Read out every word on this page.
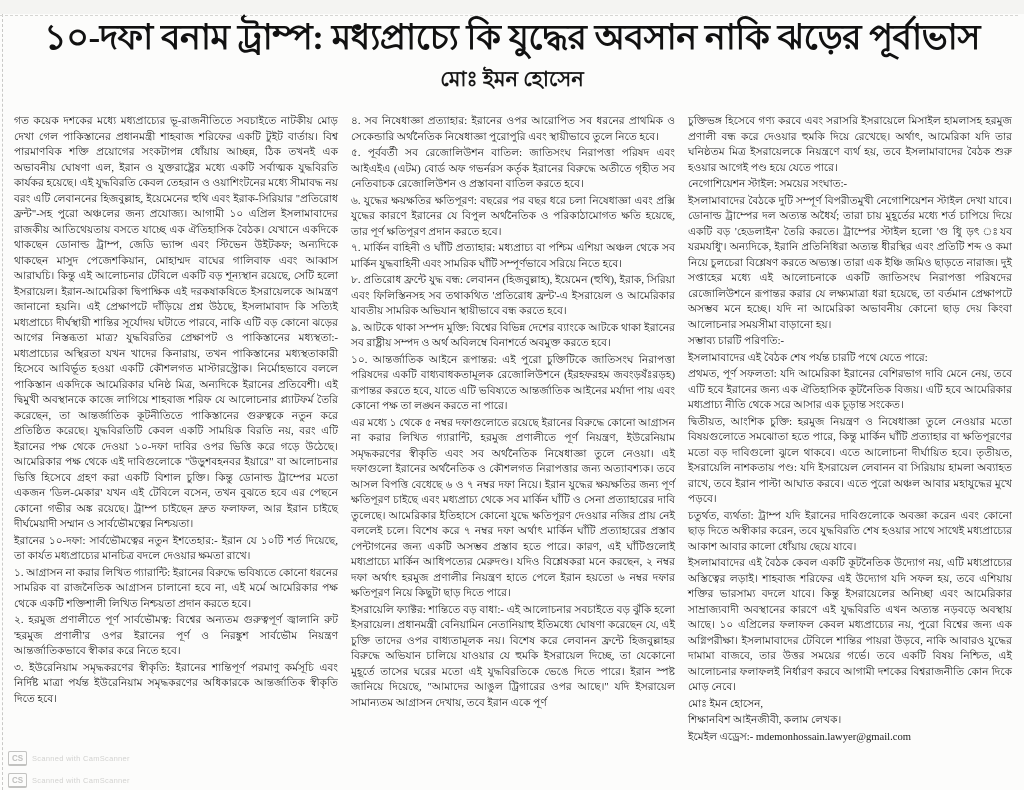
১০-দফা বনাম ট্রাম্প: মধ্যপ্রাচ্যে কি যুদ্ধের অবসান নাকি ঝড়ের পূর্বাভাস
মোঃ ইমন হোসেন

গত কয়েক দশকের মধ্যে মধ্যপ্রাচ্যের ভূ-রাজনীতিতে সবচাইতে নাটকীয় মোড় দেখা গেল পাকিস্তানের প্রধানমন্ত্রী শাহবাজ শরিফের একটি টুইট বার্তায়। বিশ্ব পারমাণবিক শক্তি প্রয়োগের সংকটাপন্ন ধোঁয়ায় আচ্ছন্ন, ঠিক তখনই এক অভাবনীয় ঘোষণা এল, ইরান ও যুক্তরাষ্ট্রের মধ্যে একটি সর্বাত্মক যুদ্ধবিরতি কার্যকর হয়েছে। এই যুদ্ধবিরতি কেবল তেহরান ও ওয়াশিংটনের মধ্যে সীমাবদ্ধ নয় বরং এটি লেবাননের হিজবুল্লাহ, ইয়েমেনের হুথি এবং ইরাক-সিরিয়ার "প্রতিরোধ ফ্রন্ট"-সহ পুরো অঞ্চলের জন্য প্রযোজ্য। আগামী ১০ এপ্রিল ইসলামাবাদের রাজকীয় আতিথেয়তায় বসতে যাচ্ছে এক ঐতিহাসিক বৈঠক। যেখানে একদিকে থাকছেন ডোনাল্ড ট্রাম্প, জেডি ভ্যান্স এবং স্টিভেন উইটকফ; অন্যদিকে থাকছেন মাসুদ পেজেশকিয়ান, মোহাম্মদ বাঘের গালিবাফ এবং আব্বাস আরাঘচি। কিন্তু এই আলোচনার টেবিলে একটি বড় শূন্যস্থান রয়েছে, সেটি হলো ইসরায়েল। ইরান-আমেরিকা দ্বিপাক্ষিক এই দরকষাকষিতে ইসরায়েলকে আমন্ত্রণ জানানো হয়নি। এই প্রেক্ষাপটে দাঁড়িয়ে প্রশ্ন উঠছে, ইসলামাবাদ কি সত্যিই মধ্যপ্রাচ্যে দীর্ঘস্থায়ী শান্তির সূর্যোদয় ঘটাতে পারবে, নাকি এটি বড় কোনো ঝড়ের আগের নিস্তব্ধতা মাত্র? যুদ্ধবিরতির প্রেক্ষাপট ও পাকিস্তানের মধ্যস্থতা:- মধ্যপ্রাচ্যের অস্থিরতা যখন খাদের কিনারায়, তখন পাকিস্তানের মধ্যস্থতাকারী হিসেবে আবির্ভূত হওয়া একটি কৌশলগত মাস্টারস্ট্রোক। নির্মোহভাবে বললে পাকিস্তান একদিকে আমেরিকার ঘনিষ্ঠ মিত্র, অন্যদিকে ইরানের প্রতিবেশী। এই দ্বিমুখী অবস্থানকে কাজে লাগিয়ে শাহবাজ শরিফ যে আলোচনার প্ল্যাটফর্ম তৈরি করেছেন, তা আন্তর্জাতিক কূটনীতিতে পাকিস্তানের গুরুত্বকে নতুন করে প্রতিষ্ঠিত করেছে। যুদ্ধবিরতিটি কেবল একটি সাময়িক বিরতি নয়, বরং এটি ইরানের পক্ষ থেকে দেওয়া ১০-দফা দাবির ওপর ভিত্তি করে গড়ে উঠেছে। আমেরিকার পক্ষ থেকে এই দাবিগুলোকে "উড়ুশবহনবর ইয়ারে" বা আলোচনার ভিত্তি হিসেবে গ্রহণ করা একটি বিশাল চুক্তি। কিন্তু ডোনাল্ড ট্রাম্পের মতো একজন 'ডিল-মেকার' যখন এই টেবিলে বসেন, তখন বুঝতে হবে এর পেছনে কোনো গভীর অঙ্ক রয়েছে। ট্রাম্প চাইছেন দ্রুত ফলাফল, আর ইরান চাইছে দীর্ঘমেয়াদী সম্মান ও সার্বভৌমত্বের নিশ্চয়তা।

ইরানের ১০-দফা: সার্বভৌমত্বের নতুন ইশতেহার:- ইরান যে ১০টি শর্ত দিয়েছে, তা কার্যত মধ্যপ্রাচ্যের মানচিত্র বদলে দেওয়ার ক্ষমতা রাখে।

১. আগ্রাসন না করার লিখিত গ্যারান্টি: ইরানের বিরুদ্ধে ভবিষ্যতে কোনো ধরনের সামরিক বা রাজনৈতিক আগ্রাসন চালানো হবে না, এই মর্মে আমেরিকার পক্ষ থেকে একটি শক্তিশালী লিখিত নিশ্চয়তা প্রদান করতে হবে।

২. হরমুজ প্রণালীতে পূর্ণ সার্বভৌমত্ব: বিশ্বের অন্যতম গুরুত্বপূর্ণ জ্বালানি রুট 'হরমুজ প্রণালী'র ওপর ইরানের পূর্ণ ও নিরঙ্কুশ সার্বভৌম নিয়ন্ত্রণ আন্তর্জাতিকভাবে স্বীকার করে নিতে হবে।

৩. ইউরেনিয়াম সমৃদ্ধকরণের স্বীকৃতি: ইরানের শান্তিপূর্ণ পরমাণু কর্মসূচি এবং নির্দিষ্ট মাত্রা পর্যন্ত ইউরেনিয়াম সমৃদ্ধকরণের অধিকারকে আন্তর্জাতিক স্বীকৃতি দিতে হবে।

৪. সব নিষেধাজ্ঞা প্রত্যাহার: ইরানের ওপর আরোপিত সব ধরনের প্রাথমিক ও সেকেন্ডারি অর্থনৈতিক নিষেধাজ্ঞা পুরোপুরি এবং স্থায়ীভাবে তুলে নিতে হবে।

৫. পূর্ববর্তী সব রেজোলিউশন বাতিল: জাতিসংঘ নিরাপত্তা পরিষদ এবং আইএইএ (এটম) বোর্ড অফ গভর্নরস কর্তৃক ইরানের বিরুদ্ধে অতীতে গৃহীত সব নেতিবাচক রেজোলিউশন ও প্রস্তাবনা বাতিল করতে হবে।

৬. যুদ্ধের ক্ষয়ক্ষতির ক্ষতিপূরণ: বছরের পর বছর ধরে চলা নিষেধাজ্ঞা এবং প্রক্সি যুদ্ধের কারণে ইরানের যে বিপুল অর্থনৈতিক ও পরিকাঠামোগত ক্ষতি হয়েছে, তার পূর্ণ ক্ষতিপূরণ প্রদান করতে হবে।

৭. মার্কিন বাহিনী ও ঘাঁটি প্রত্যাহার: মধ্যপ্রাচ্য বা পশ্চিম এশিয়া অঞ্চল থেকে সব মার্কিন যুদ্ধবাহিনী এবং সামরিক ঘাঁটি সম্পূর্ণভাবে সরিয়ে নিতে হবে।

৮. প্রতিরোধ ফ্রন্টে যুদ্ধ বন্ধ: লেবানন (হিজবুল্লাহ), ইয়েমেন (হুথি), ইরাক, সিরিয়া এবং ফিলিস্তিনসহ সব তথাকথিত 'প্রতিরোধ ফ্রন্ট'-এ ইসরায়েল ও আমেরিকার যাবতীয় সামরিক অভিযান স্থায়ীভাবে বন্ধ করতে হবে।

৯. আটকে থাকা সম্পদ মুক্তি: বিশ্বের বিভিন্ন দেশের ব্যাংকে আটকে থাকা ইরানের সব রাষ্ট্রীয় সম্পদ ও অর্থ অবিলম্বে বিনাশর্তে অবমুক্ত করতে হবে।

১০. আন্তর্জাতিক আইনে রূপান্তর: এই পুরো চুক্তিটিকে জাতিসংঘ নিরাপত্তা পরিষদের একটি বাধ্যবাধকতামূলক রেজোলিউশনে (ইরহফরহম জবংড়ষঁঃরড়হ) রূপান্তর করতে হবে, যাতে এটি ভবিষ্যতে আন্তর্জাতিক আইনের মর্যাদা পায় এবং কোনো পক্ষ তা লঙ্ঘন করতে না পারে।

এর মধ্যে ১ থেকে ৫ নম্বর দফাগুলোতে রয়েছে ইরানের বিরুদ্ধে কোনো আগ্রাসন না করার লিখিত গ্যারান্টি, হরমুজ প্রণালীতে পূর্ণ নিয়ন্ত্রণ, ইউরেনিয়াম সমৃদ্ধকরণের স্বীকৃতি এবং সব অর্থনৈতিক নিষেধাজ্ঞা তুলে নেওয়া। এই দফাগুলো ইরানের অর্থনৈতিক ও কৌশলগত নিরাপত্তার জন্য অত্যাবশ্যক। তবে আসল বিপত্তি বেধেছে ৬ ও ৭ নম্বর দফা নিয়ে। ইরান যুদ্ধের ক্ষয়ক্ষতির জন্য পূর্ণ ক্ষতিপূরণ চাইছে এবং মধ্যপ্রাচ্য থেকে সব মার্কিন ঘাঁটি ও সেনা প্রত্যাহারের দাবি তুলেছে। আমেরিকার ইতিহাসে কোনো যুদ্ধে ক্ষতিপূরণ দেওয়ার নজির প্রায় নেই বললেই চলে। বিশেষ করে ৭ নম্বর দফা অর্থাৎ মার্কিন ঘাঁটি প্রত্যাহারের প্রস্তাব পেন্টাগনের জন্য একটি অসম্ভব প্রস্তাব হতে পারে। কারণ, এই ঘাঁটিগুলোই মধ্যপ্রাচ্যে মার্কিন আধিপত্যের মেরুদণ্ড। যদিও বিশ্লেষকরা মনে করছেন, ২ নম্বর দফা অর্থাৎ হরমুজ প্রণালীর নিয়ন্ত্রণ হাতে পেলে ইরান হয়তো ৬ নম্বর দফার ক্ষতিপূরণ নিয়ে কিছুটা ছাড় দিতে পারে।

ইসরায়েলি ফ্যাক্টর: শান্তিতে বড় বাধা:- এই আলোচনার সবচাইতে বড় ঝুঁকি হলো ইসরায়েল। প্রধানমন্ত্রী বেনিয়ামিন নেতানিয়াহু ইতিমধ্যে ঘোষণা করেছেন যে, এই চুক্তি তাদের ওপর বাধ্যতামূলক নয়। বিশেষ করে লেবানন ফ্রন্টে হিজবুল্লাহর বিরুদ্ধে অভিযান চালিয়ে যাওয়ার যে হুমকি ইসরায়েল দিচ্ছে, তা যেকোনো মুহূর্তে তাসের ঘরের মতো এই যুদ্ধবিরতিকে ভেঙে দিতে পারে। ইরান স্পষ্ট জানিয়ে দিয়েছে, "আমাদের আঙুল ট্রিগারের ওপর আছে।" যদি ইসরায়েল সামান্যতম আগ্রাসন দেখায়, তবে ইরান একে পূর্ণ

চুক্তিভঙ্গ হিসেবে গণ্য করবে এবং সরাসরি ইসরায়েলে মিসাইল হামলাসহ হরমুজ প্রণালী বন্ধ করে দেওয়ার হুমকি দিয়ে রেখেছে। অর্থাৎ, আমেরিকা যদি তার ঘনিষ্ঠতম মিত্র ইসরায়েলকে নিয়ন্ত্রণে ব্যর্থ হয়, তবে ইসলামাবাদের বৈঠক শুরু হওয়ার আগেই পণ্ড হয়ে যেতে পারে।

নেগোশিয়েশন স্টাইল: সময়ের সংঘাত:-

ইসলামাবাদের বৈঠকে দুটি সম্পূর্ণ বিপরীতমুখী নেগোশিয়েশন স্টাইল দেখা যাবে। ডোনাল্ড ট্রাম্পের দল অত্যন্ত অধৈর্য; তারা চায় মুহূর্তের মধ্যে শর্ত চাপিয়ে দিয়ে একটি বড় 'হেডলাইন' তৈরি করতে। ট্রাম্পের স্টাইল হলো 'গু ধিু ড়ৎ ঃযব যরমযধিু'। অন্যদিকে, ইরানি প্রতিনিধিরা অত্যন্ত ধীরস্থির এবং প্রতিটি শব্দ ও কমা নিয়ে চুলচেরা বিশ্লেষণ করতে অভ্যস্ত। তারা এক ইঞ্চি জমিও ছাড়তে নারাজ। দুই সপ্তাহের মধ্যে এই আলোচনাকে একটি জাতিসংঘ নিরাপত্তা পরিষদের রেজোলিউশনে রূপান্তর করার যে লক্ষ্যমাত্রা ধরা হয়েছে, তা বর্তমান প্রেক্ষাপটে অসম্ভব মনে হচ্ছে। যদি না আমেরিকা অভাবনীয় কোনো ছাড় দেয় কিংবা আলোচনার সময়সীমা বাড়ানো হয়।

সম্ভাব্য চারটি পরিণতি:-

ইসলামাবাদের এই বৈঠক শেষ পর্যন্ত চারটি পথে যেতে পারে:

প্রথমত, পূর্ণ সফলতা: যদি আমেরিকা ইরানের বেশিরভাগ দাবি মেনে নেয়, তবে এটি হবে ইরানের জন্য এক ঐতিহাসিক কূটনৈতিক বিজয়। এটি হবে আমেরিকার মধ্যপ্রাচ্য নীতি থেকে সরে আসার এক চূড়ান্ত সংকেত।

দ্বিতীয়ত, আংশিক চুক্তি: হরমুজ নিয়ন্ত্রণ ও নিষেধাজ্ঞা তুলে নেওয়ার মতো বিষয়গুলোতে সমঝোতা হতে পারে, কিন্তু মার্কিন ঘাঁটি প্রত্যাহার বা ক্ষতিপূরণের মতো বড় দাবিগুলো ঝুলে থাকবে। এতে আলোচনা দীর্ঘায়িত হবে। তৃতীয়ত, ইসরায়েলি নাশকতায় পণ্ড: যদি ইসরায়েল লেবানন বা সিরিয়ায় হামলা অব্যাহত রাখে, তবে ইরান পাল্টা আঘাত করবে। এতে পুরো অঞ্চল আবার মহাযুদ্ধের মুখে পড়বে।

চতুর্থত, ব্যর্থতা: ট্রাম্প যদি ইরানের দাবিগুলোকে অবজ্ঞা করেন এবং কোনো ছাড় দিতে অস্বীকার করেন, তবে যুদ্ধবিরতি শেষ হওয়ার সাথে সাথেই মধ্যপ্রাচ্যের আকাশ আবার কালো ধোঁয়ায় ছেয়ে যাবে।

ইসলামাবাদের এই বৈঠক কেবল একটি কূটনৈতিক উদ্যোগ নয়, এটি মধ্যপ্রাচ্যের অস্তিত্বের লড়াই। শাহবাজ শরিফের এই উদ্যোগ যদি সফল হয়, তবে এশিয়ায় শক্তির ভারসাম্য বদলে যাবে। কিন্তু ইসরায়েলের অনিচ্ছা এবং আমেরিকার সাম্রাজ্যবাদী অবস্থানের কারণে এই যুদ্ধবিরতি এখন অত্যন্ত নড়বড়ে অবস্থায় আছে। ১০ এপ্রিলের ফলাফল কেবল মধ্যপ্রাচ্যের নয়, পুরো বিশ্বের জন্য এক অগ্নিপরীক্ষা। ইসলামাবাদের টেবিলে শান্তির পায়রা উড়বে, নাকি আবারও যুদ্ধের দামামা বাজবে, তার উত্তর সময়ের গর্ভে। তবে একটি বিষয় নিশ্চিত, এই আলোচনার ফলাফলই নির্ধারণ করবে আগামী দশকের বিশ্বরাজনীতি কোন দিকে মোড় নেবে।

মোঃ ইমন হোসেন,

শিক্ষানবিশ আইনজীবী, কলাম লেখক।

ইমেইল এড্রেস:- mdemonhossain.lawyer@gmail.com

CS	Scanned with CamScanner
CS	Scanned with CamScanner
